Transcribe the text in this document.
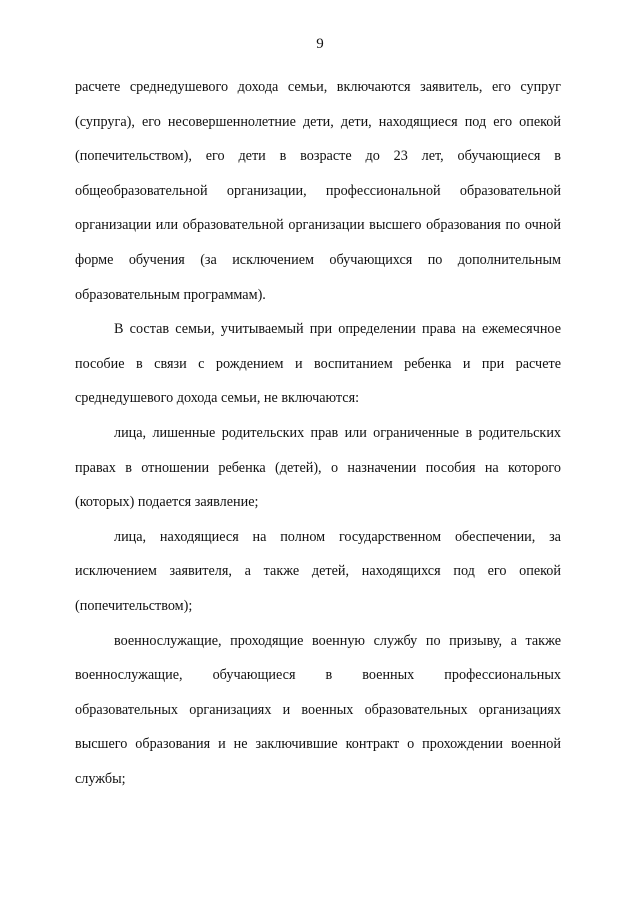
9

расчете среднедушевого дохода семьи, включаются заявитель, его супруг (супруга), его несовершеннолетние дети, дети, находящиеся под его опекой (попечительством), его дети в возрасте до 23 лет, обучающиеся в общеобразовательной организации, профессиональной образовательной организации или образовательной организации высшего образования по очной форме обучения (за исключением обучающихся по дополнительным образовательным программам).

В состав семьи, учитываемый при определении права на ежемесячное пособие в связи с рождением и воспитанием ребенка и при расчете среднедушевого дохода семьи, не включаются:

лица, лишенные родительских прав или ограниченные в родительских правах в отношении ребенка (детей), о назначении пособия на которого (которых) подается заявление;

лица, находящиеся на полном государственном обеспечении, за исключением заявителя, а также детей, находящихся под его опекой (попечительством);

военнослужащие, проходящие военную службу по призыву, а также военнослужащие, обучающиеся в военных профессиональных образовательных организациях и военных образовательных организациях высшего образования и не заключившие контракт о прохождении военной службы;
